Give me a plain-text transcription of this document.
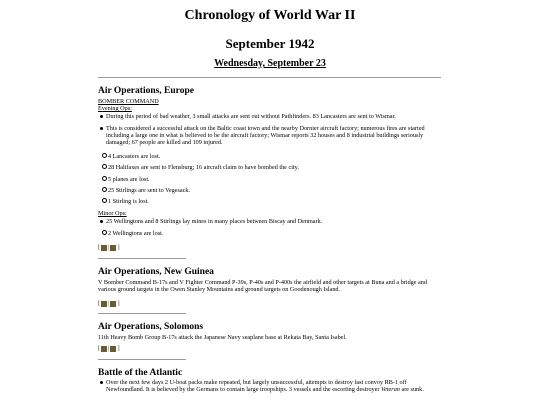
Chronology of World War II
September 1942
Wednesday, September 23
Air Operations, Europe
BOMBER COMMAND
Evening Ops:
During this period of bad weather, 3 small attacks are sent out without Pathfinders. 83 Lancasters are sent to Wismar.
This is considered a successful attack on the Baltic coast town and the nearby Dornier aircraft factory; numerous fires are started including a large one in what is believed to be the aircraft factory; Wismar reports 32 houses and 8 industrial buildings seriously damaged; 67 people are killed and 109 injured.
4 Lancasters are lost.
28 Halifaxes are sent to Flensburg; 16 aircraft claim to have bombed the city.
5 planes are lost.
25 Stirlings are sent to Vegesack.
1 Stirling is lost.
Minor Ops:
25 Wellingtons and 8 Stirlings lay mines in many places between Biscay and Denmark.
2 Wellingtons are lost.
[ | ]
Air Operations, New Guinea
V Bomber Command B-17s and V Fighter Command P-39s, P-40s and P-400s the airfield and other targets at Buna and a bridge and various ground targets in the Owen Stanley Mountains and ground targets on Goodenough Island.
[ | ]
Air Operations, Solomons
11th Heavy Bomb Group B-17s attack the Japanese Navy seaplane base at Rekata Bay, Santa Isabel.
[ | ]
Battle of the Atlantic
Over the next few days 2 U-boat packs make repeated, but largely unsuccessful, attempts to destroy fast convoy RB-1 off Newfoundland. It is believed by the Germans to contain large troopships. 3 vessels and the escorting destroyer Veteran are sunk.
